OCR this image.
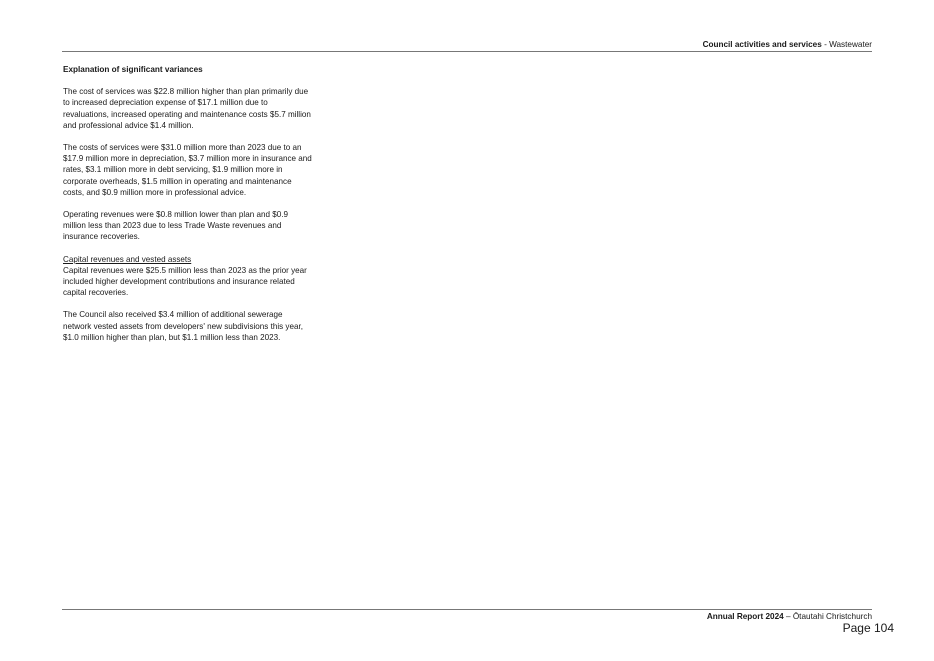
Council activities and services - Wastewater
Explanation of significant variances

The cost of services was $22.8 million higher than plan primarily due to increased depreciation expense of $17.1 million due to revaluations, increased operating and maintenance costs $5.7 million and professional advice $1.4 million.

The costs of services were $31.0 million more than 2023 due to an $17.9 million more in depreciation, $3.7 million more in insurance and rates, $3.1 million more in debt servicing, $1.9 million more in corporate overheads, $1.5 million in operating and maintenance costs, and $0.9 million more in professional advice.

Operating revenues were $0.8 million lower than plan and $0.9 million less than 2023 due to less Trade Waste revenues and insurance recoveries.

Capital revenues and vested assets
Capital revenues were $25.5 million less than 2023 as the prior year included higher development contributions and insurance related capital recoveries.

The Council also received $3.4 million of additional sewerage network vested assets from developers' new subdivisions this year, $1.0 million higher than plan, but $1.1 million less than 2023.

Annual Report 2024 – Ōtautahi Christchurch
Page 104
